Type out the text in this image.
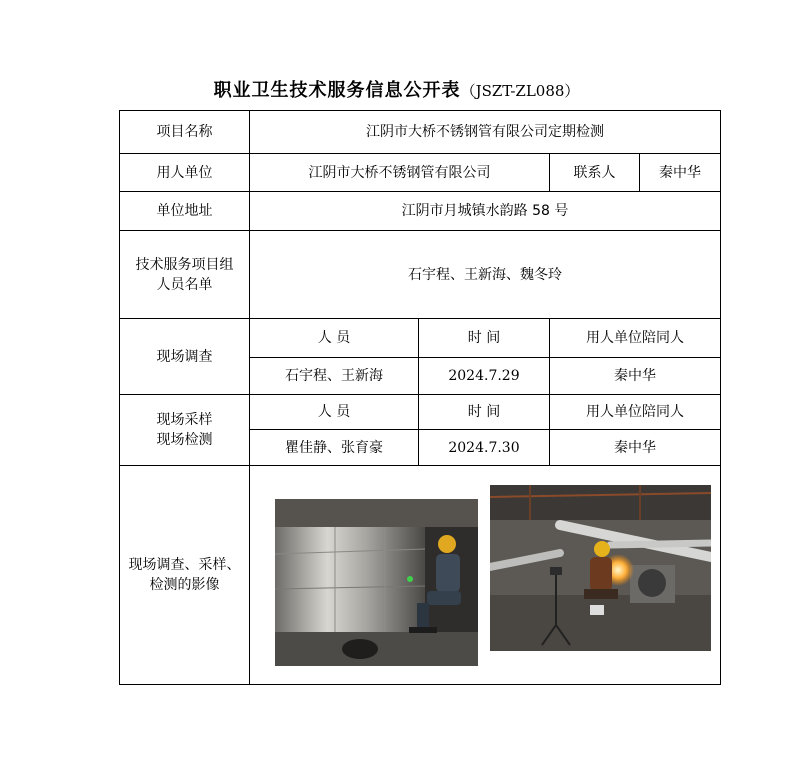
职业卫生技术服务信息公开表（JSZT-ZL088）
项目名称	江阴市大桥不锈钢管有限公司定期检测			
用人单位	江阴市大桥不锈钢管有限公司		联系人	秦中华
单位地址	江阴市月城镇水韵路 58 号			

技术服务项目组
人员名单	石宇程、王新海、魏冬玲			
现场调查	人 员	时 间	用人单位陪同人	
	石宇程、王新海	2024.7.29	秦中华	

现场采样
现场检测	人 员	时 间	用人单位陪同人	
	瞿佳静、张育豪	2024.7.30	秦中华	

现场调查、采样、
检测的影像
